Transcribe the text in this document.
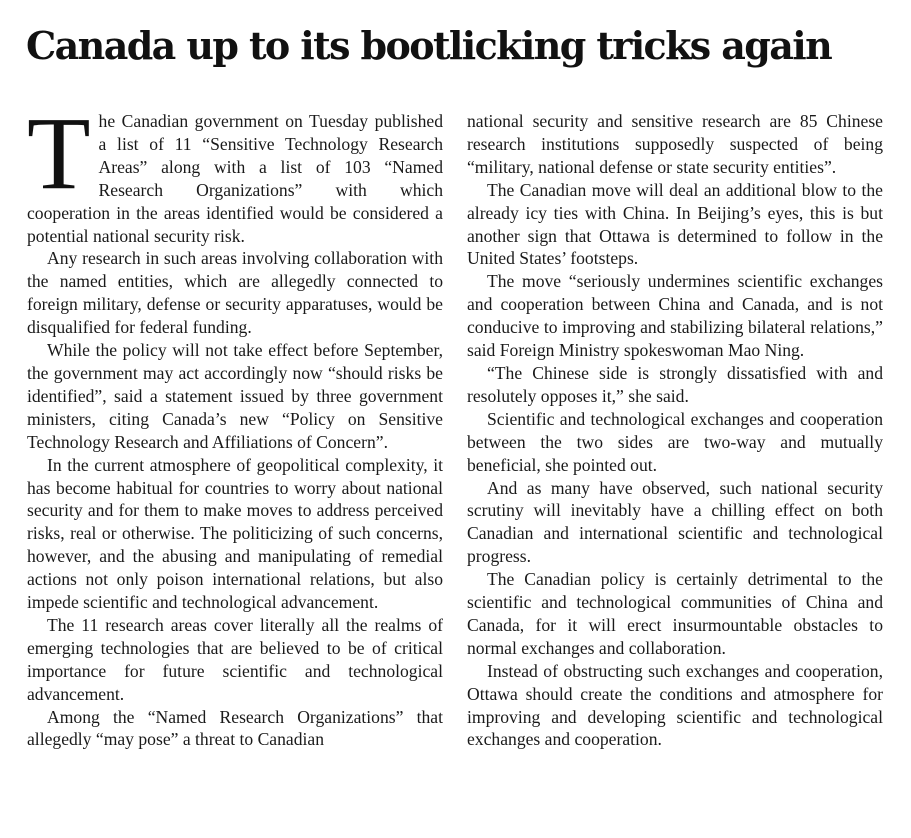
Canada up to its bootlicking tricks again

The Canadian government on Tuesday published a list of 11 “Sensitive Technology Research Areas” along with a list of 103 “Named Research Organizations” with which cooperation in the areas identified would be considered a potential national security risk.

Any research in such areas involving collaboration with the named entities, which are allegedly connected to foreign military, defense or security apparatuses, would be disqualified for federal funding.

While the policy will not take effect before September, the government may act accordingly now “should risks be identified”, said a statement issued by three government ministers, citing Canada’s new “Policy on Sensitive Technology Research and Affiliations of Concern”.

In the current atmosphere of geopolitical complexity, it has become habitual for countries to worry about national security and for them to make moves to address perceived risks, real or otherwise. The politicizing of such concerns, however, and the abusing and manipulating of remedial actions not only poison international relations, but also impede scientific and technological advancement.

The 11 research areas cover literally all the realms of emerging technologies that are believed to be of critical importance for future scientific and technological advancement.

Among the “Named Research Organizations” that allegedly “may pose” a threat to Canadian

national security and sensitive research are 85 Chinese research institutions supposedly suspected of being “military, national defense or state security entities”.

The Canadian move will deal an additional blow to the already icy ties with China. In Beijing’s eyes, this is but another sign that Ottawa is determined to follow in the United States’ footsteps.

The move “seriously undermines scientific exchanges and cooperation between China and Canada, and is not conducive to improving and stabilizing bilateral relations,” said Foreign Ministry spokeswoman Mao Ning.

“The Chinese side is strongly dissatisfied with and resolutely opposes it,” she said.

Scientific and technological exchanges and cooperation between the two sides are two-way and mutually beneficial, she pointed out.

And as many have observed, such national security scrutiny will inevitably have a chilling effect on both Canadian and international scientific and technological progress.

The Canadian policy is certainly detrimental to the scientific and technological communities of China and Canada, for it will erect insurmountable obstacles to normal exchanges and collaboration.

Instead of obstructing such exchanges and cooperation, Ottawa should create the conditions and atmosphere for improving and developing scientific and technological exchanges and cooperation.
